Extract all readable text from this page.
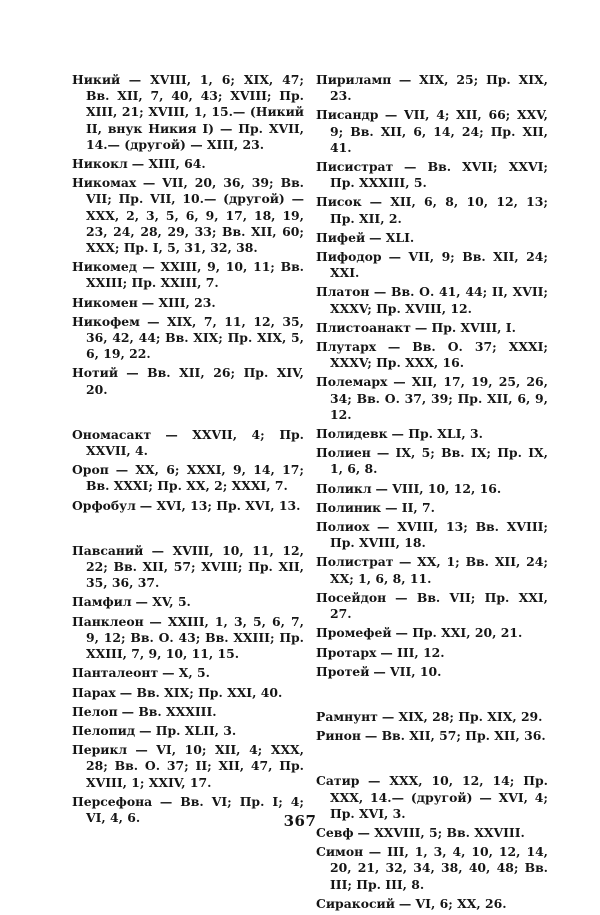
Никий — XVIII, 1, 6; XIX, 47; Вв. XII, 7, 40, 43; XVIII; Пр. XIII, 21; XVIII, 1, 15.— (Никий II, внук Никия I) — Пр. XVII, 14.— (другой) — XIII, 23.

Никокл — XIII, 64.

Никомах — VII, 20, 36, 39; Вв. VII; Пр. VII, 10.— (другой) — XXX, 2, 3, 5, 6, 9, 17, 18, 19, 23, 24, 28, 29, 33; Вв. XII, 60; XXX; Пр. I, 5, 31, 32, 38.

Никомед — XXIII, 9, 10, 11; Вв. XXIII; Пр. XXIII, 7.

Никомен — XIII, 23.

Никофем — XIX, 7, 11, 12, 35, 36, 42, 44; Вв. XIX; Пр. XIX, 5, 6, 19, 22.

Нотий — Вв. XII, 26; Пр. XIV, 20.

Ономасакт — XXVII, 4; Пр. XXVII, 4.

Ороп — XX, 6; XXXI, 9, 14, 17; Вв. XXXI; Пр. XX, 2; XXXI, 7.

Орфобул — XVI, 13; Пр. XVI, 13.

Павсаний — XVIII, 10, 11, 12, 22; Вв. XII, 57; XVIII; Пр. XII, 35, 36, 37.

Памфил — XV, 5.

Панклеон — XXIII, 1, 3, 5, 6, 7, 9, 12; Вв. О. 43; Вв. XXIII; Пр. XXIII, 7, 9, 10, 11, 15.

Панталеонт — X, 5.

Парах — Вв. XIX; Пр. XXI, 40.

Пелоп — Вв. XXXIII.

Пелопид — Пр. XLII, 3.

Перикл — VI, 10; XII, 4; XXX, 28; Вв. О. 37; II; XII, 47, Пр. XVIII, 1; XXIV, 17.

Персефона — Вв. VI; Пр. I; 4; VI, 4, 6.

Пириламп — XIX, 25; Пр. XIX, 23.

Писандр — VII, 4; XII, 66; XXV, 9; Вв. XII, 6, 14, 24; Пр. XII, 41.

Писистрат — Вв. XVII; XXVI; Пр. XXXIII, 5.

Писок — XII, 6, 8, 10, 12, 13; Пр. XII, 2.

Пифей — XLI.

Пифодор — VII, 9; Вв. XII, 24; XXI.

Платон — Вв. О. 41, 44; II, XVII; XXXV; Пр. XVIII, 12.

Плистоанакт — Пр. XVIII, I.

Плутарх — Вв. О. 37; XXXI; XXXV; Пр. XXX, 16.

Полемарх — XII, 17, 19, 25, 26, 34; Вв. О. 37, 39; Пр. XII, 6, 9, 12.

Полидевк — Пр. XLI, 3.

Полиен — IX, 5; Вв. IX; Пр. IX, 1, 6, 8.

Поликл — VIII, 10, 12, 16.

Полиник — II, 7.

Полиох — XVIII, 13; Вв. XVIII; Пр. XVIII, 18.

Полистрат — XX, 1; Вв. XII, 24; XX; 1, 6, 8, 11.

Посейдон — Вв. VII; Пр. XXI, 27.

Промефей — Пр. XXI, 20, 21.

Протарх — III, 12.

Протей — VII, 10.

Рамнунт — XIX, 28; Пр. XIX, 29.

Ринон — Вв. XII, 57; Пр. XII, 36.

Сатир — XXX, 10, 12, 14; Пр. XXX, 14.— (другой) — XVI, 4; Пр. XVI, 3.

Севф — XXVIII, 5; Вв. XXVIII.

Симон — III, 1, 3, 4, 10, 12, 14, 20, 21, 32, 34, 38, 40, 48; Вв. III; Пр. III, 8.

Сиракосий — VI, 6; XX, 26.

367
